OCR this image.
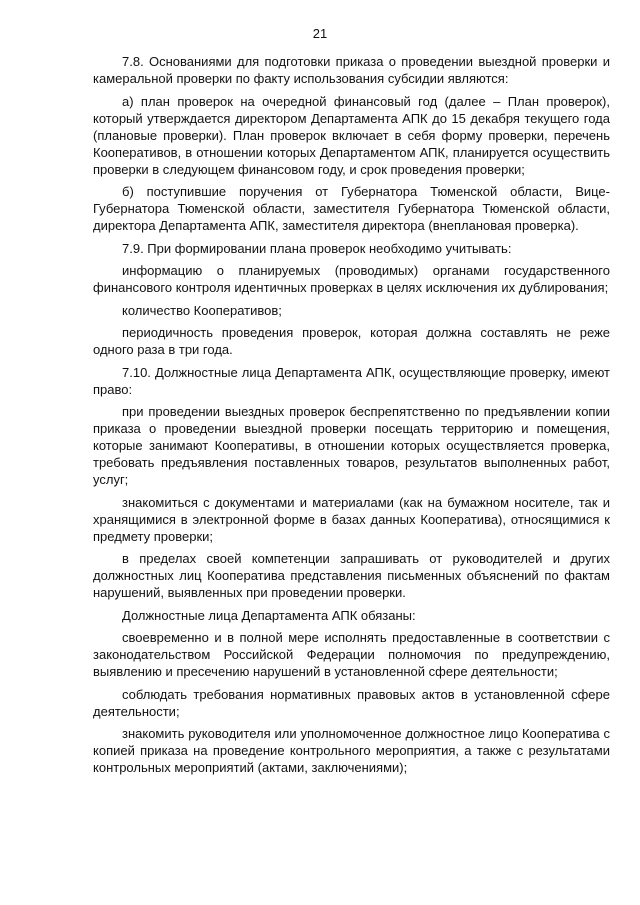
21

7.8. Основаниями для подготовки приказа о проведении выездной проверки и камеральной проверки по факту использования субсидии являются:

а) план проверок на очередной финансовый год (далее – План проверок), который утверждается директором Департамента АПК до 15 декабря текущего года (плановые проверки). План проверок включает в себя форму проверки, перечень Кооперативов, в отношении которых Департаментом АПК, планируется осуществить проверки в следующем финансовом году, и срок проведения проверки;

б) поступившие поручения от Губернатора Тюменской области, Вице-Губернатора Тюменской области, заместителя Губернатора Тюменской области, директора Департамента АПК, заместителя директора (внеплановая проверка).

7.9. При формировании плана проверок необходимо учитывать:

информацию о планируемых (проводимых) органами государственного финансового контроля идентичных проверках в целях исключения их дублирования;

количество Кооперативов;

периодичность проведения проверок, которая должна составлять не реже одного раза в три года.

7.10. Должностные лица Департамента АПК, осуществляющие проверку, имеют право:

при проведении выездных проверок беспрепятственно по предъявлении копии приказа о проведении выездной проверки посещать территорию и помещения, которые занимают Кооперативы, в отношении которых осуществляется проверка, требовать предъявления поставленных товаров, результатов выполненных работ, услуг;

знакомиться с документами и материалами (как на бумажном носителе, так и хранящимися в электронной форме в базах данных Кооператива), относящимися к предмету проверки;

в пределах своей компетенции запрашивать от руководителей и других должностных лиц Кооператива представления письменных объяснений по фактам нарушений, выявленных при проведении проверки.

Должностные лица Департамента АПК обязаны:

своевременно и в полной мере исполнять предоставленные в соответствии с законодательством Российской Федерации полномочия по предупреждению, выявлению и пресечению нарушений в установленной сфере деятельности;

соблюдать требования нормативных правовых актов в установленной сфере деятельности;

знакомить руководителя или уполномоченное должностное лицо Кооператива с копией приказа на проведение контрольного мероприятия, а также с результатами контрольных мероприятий (актами, заключениями);
